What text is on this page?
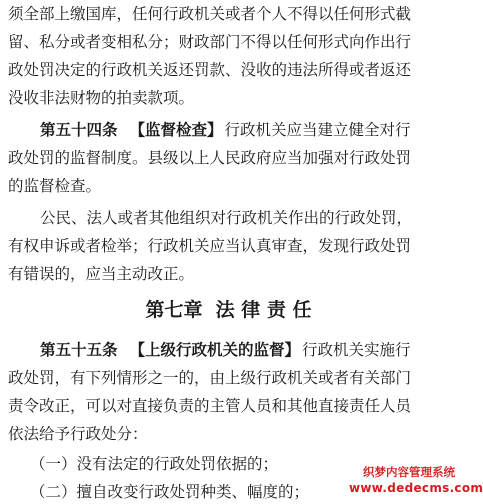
须全部上缴国库，任何行政机关或者个人不得以任何形式截
留、私分或者变相私分；财政部门不得以任何形式向作出行
政处罚决定的行政机关返还罚款、没收的违法所得或者返还
没收非法财物的拍卖款项。
第五十四条 【监督检查】 行政机关应当建立健全对行
政处罚的监督制度。县级以上人民政府应当加强对行政处罚
的监督检查。
公民、法人或者其他组织对行政机关作出的行政处罚，
有权申诉或者检举；行政机关应当认真审查，发现行政处罚
有错误的，应当主动改正。
第七章  法 律 责 任
第五十五条 【上级行政机关的监督】 行政机关实施行
政处罚，有下列情形之一的，由上级行政机关或者有关部门
责令改正，可以对直接负责的主管人员和其他直接责任人员
依法给予行政处分：
（一）没有法定的行政处罚依据的；
（二）擅自改变行政处罚种类、幅度的；
织梦内容管理系统
www.dedecms.com
